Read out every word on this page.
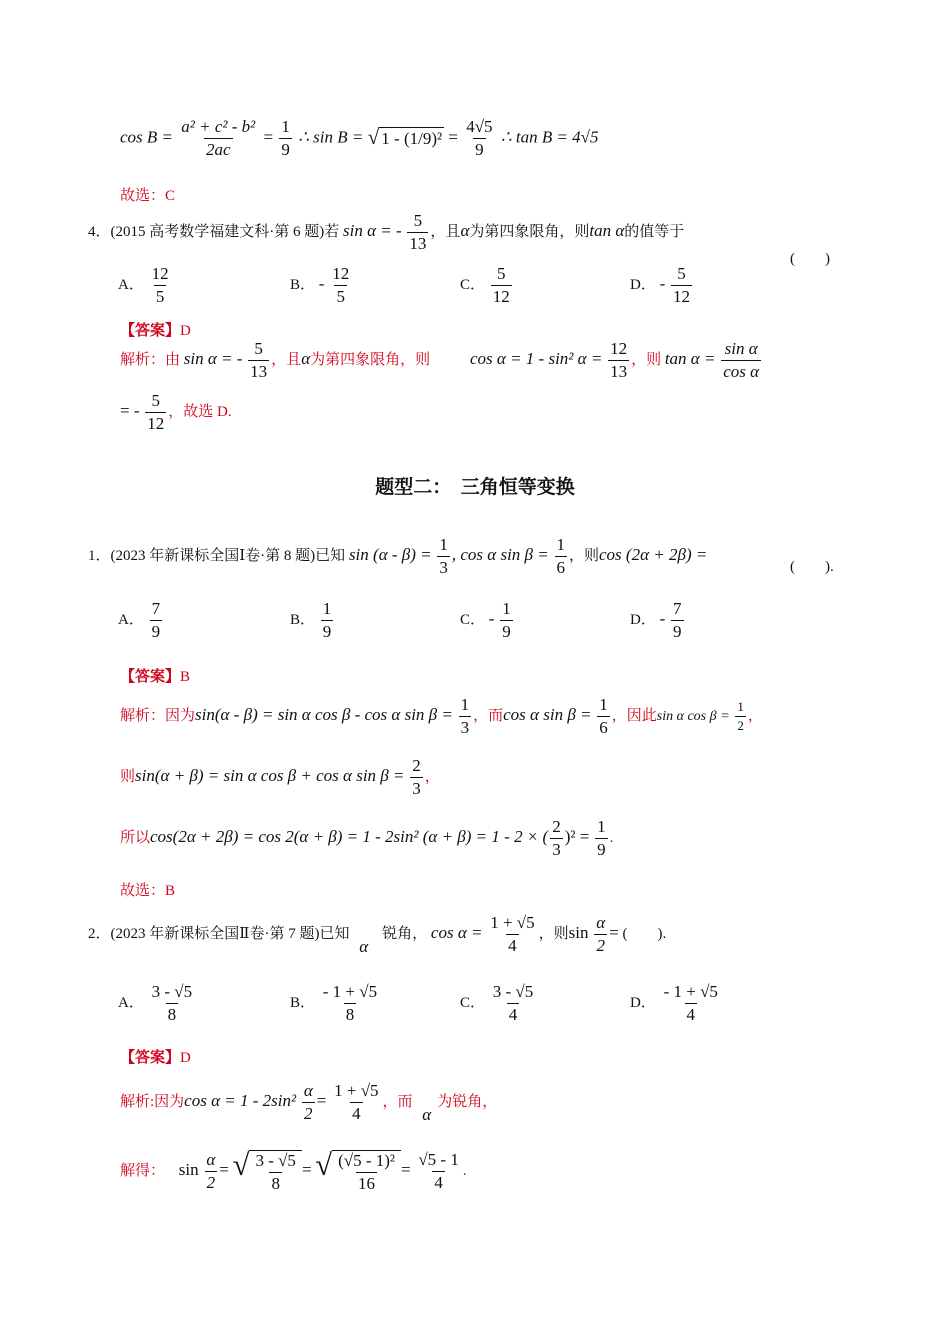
$\cos B = \frac{\text{a² + c² - b²}}{2ac} = \frac{1}{9}$ ∴ sin B = √ $1 - (1/9)^2 = \frac{4√5}{9}$ ∴ tan B = 4√5
故选：C
4．(2015 高考数学福建文科·第 6 题)若 sin α = - $\frac{5}{13}$ ，且α为第四象限角，则tan α的值等于
(　　)
A． $\frac{12}{5}$	B． - $\frac{12}{5}$	C． $\frac{5}{12}$	D． - $\frac{5}{12}$
【答案】D
解析：由 sin α = - $\frac{5}{13}$ ，且α为第四象限角，则 cos α = 1 - sin² $\alpha = \frac{12}{13}$ ，则 $\tan \alpha = \frac{\text{sin α}}{\text{cos α}}$
= - $\frac{5}{12}$ ，故选 D.
题型二：　三角恒等变换
1．(2023 年新课标全国Ⅰ卷·第 8 题)已知 $\sin (\alpha - \beta) = \frac{1}{3}$ , cos α $\sin \beta = \frac{1}{6}$ ，则cos (2α + 2β) =
(　　).
A． $\frac{7}{9}$	B． $\frac{1}{9}$	C． - $\frac{1}{9}$	D． - $\frac{7}{9}$
【答案】B
解析：因为sin(α - β) = sin α cos β - cos α $\sin \beta = \frac{1}{3}$ ，而cos α $\sin \beta = \frac{1}{6}$ ，因此sin α $\cos \beta = \frac{1}{2}$ ，
则sin(α + β) = sin α cos β + cos α $\sin \beta = \frac{2}{3}$ ，
所以cos(2α + 2β) = cos 2(α + β) = 1 - 2sin² (α + β) = 1 - 2 × ( $\frac{2}{3} )^2 = \frac{1}{9}$ .
故选：B
2．(2023 年新课标全国Ⅱ卷·第 7 题)已知 α锐角， $\cos \alpha = \frac{1 + √5}{4}$ ，则$\sin \frac{\alpha}{2}$ = (　　).
A． $\frac{3 - √5}{8}$	B． $\frac{- 1 + √5}{8}$	C． $\frac{3 - √5}{4}$	D． $\frac{- 1 + √5}{4}$
【答案】D
解析:因为$\cos \alpha = 1 - 2\sin^2 \frac{\alpha}{2} = \frac{1 + √5}{4}$ ，而 α为锐角，
解得： $\sin \frac{\alpha}{2}$ = √ $\frac{3 - √5}{8}$ = √ $\frac{\text{(√5 - 1)²}}{16} = \frac{√5 - 1}{4}$ .
